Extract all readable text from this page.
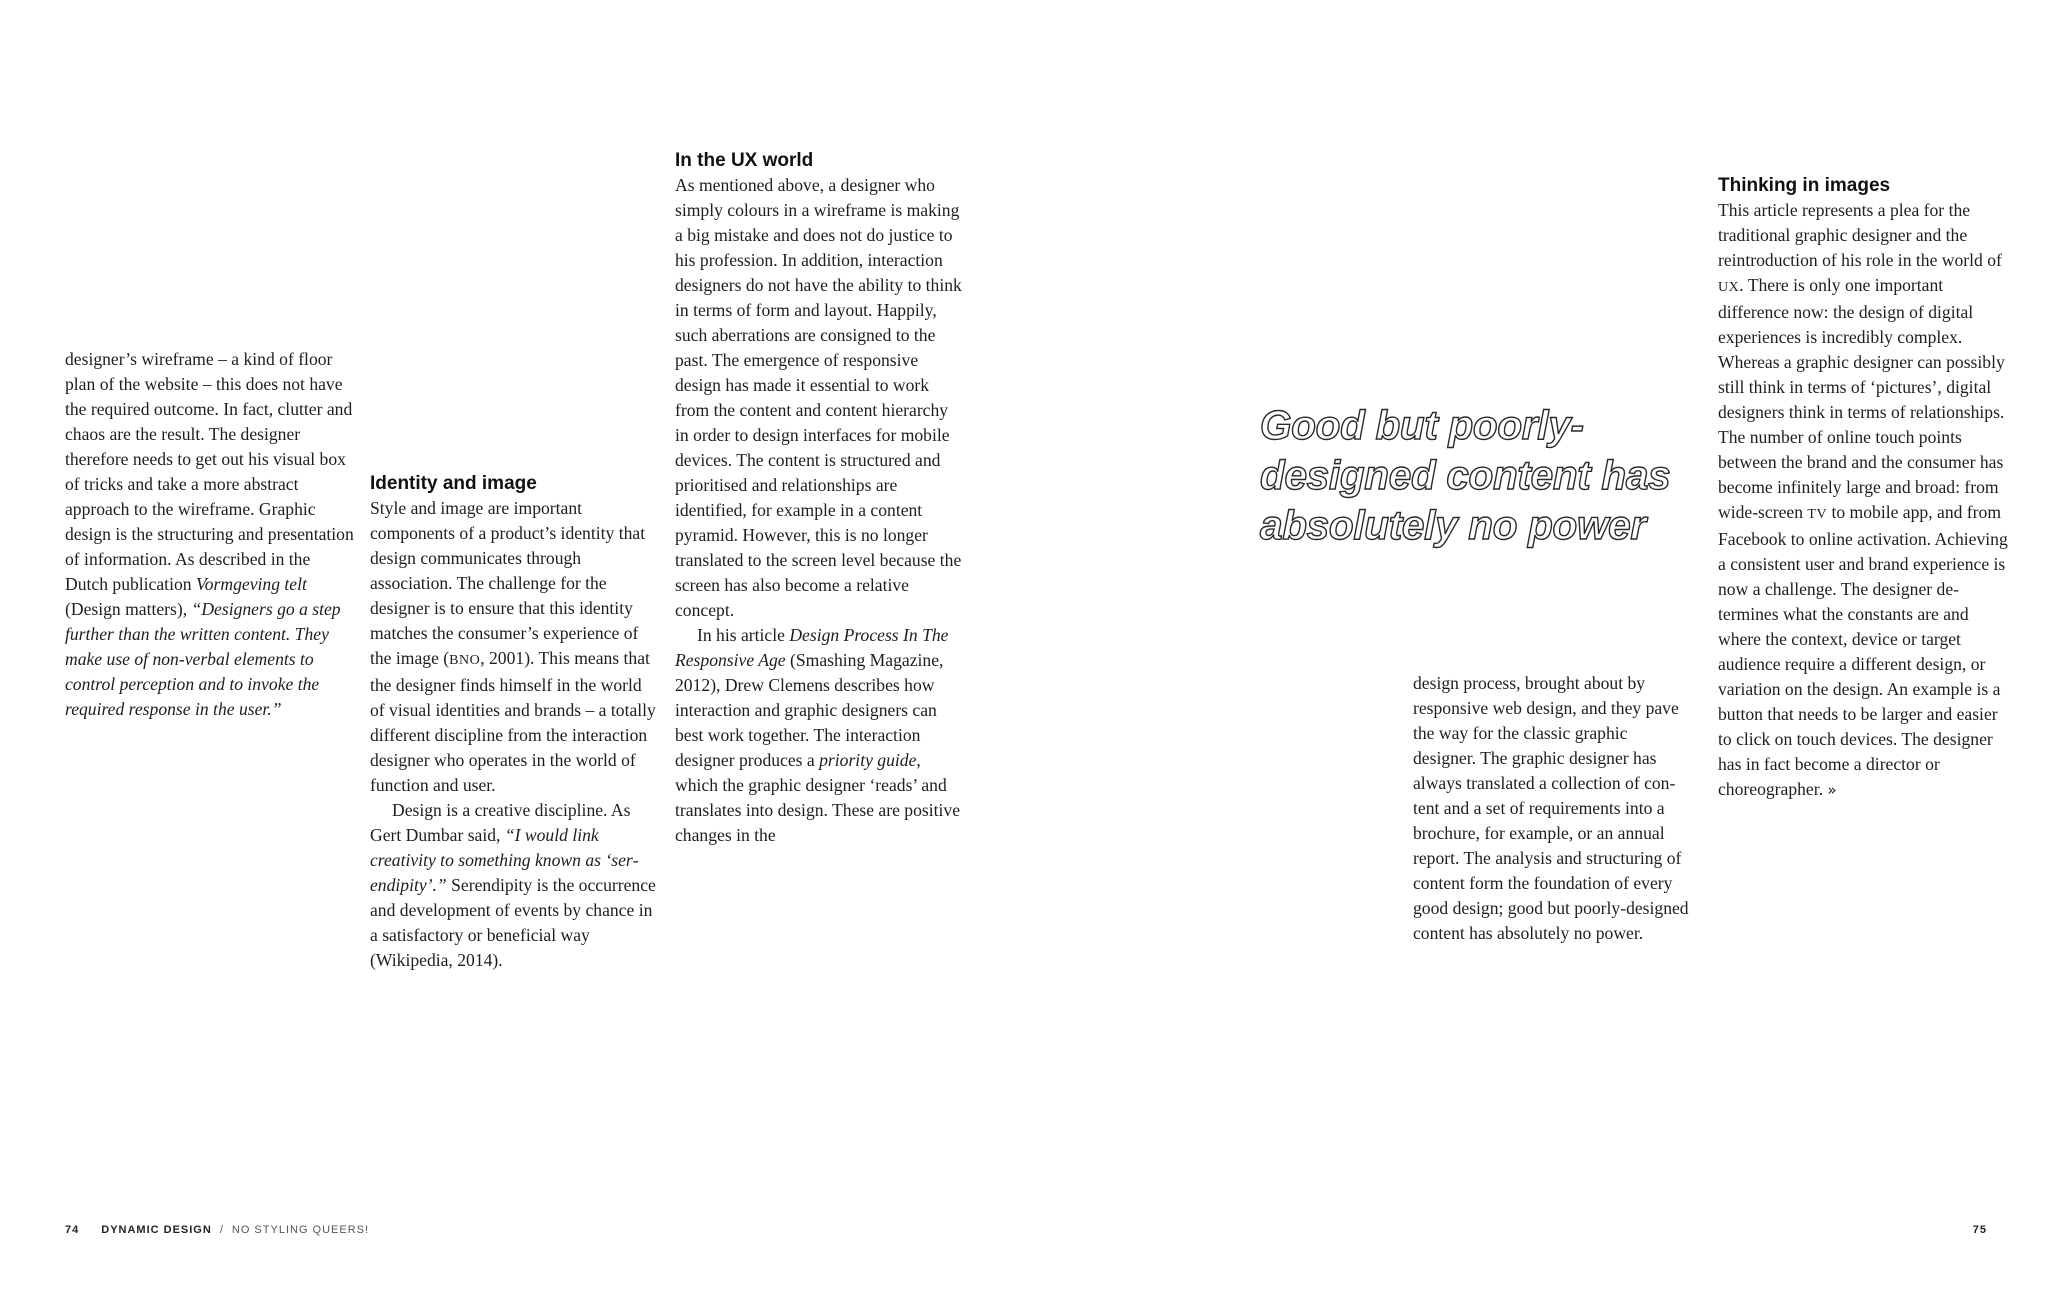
designer’s wireframe – a kind of floor plan of the website – this does not have the required outcome. In fact, clutter and chaos are the result. The designer therefore needs to get out his visual box of tricks and take a more abstract approach to the wireframe. Graphic design is the structuring and presentation of information. As described in the Dutch publication Vormgeving telt (Design matters), “Designers go a step further than the written content. They make use of non-verbal elements to control perception and to invoke the required response in the user.”

Identity and image

Style and image are important components of a product’s identity that design communicates through association. The challenge for the designer is to ensure that this identity matches the consumer’s experience of the image (BNO, 2001). This means that the designer finds himself in the world of visual identities and brands – a totally different discipline from the interaction designer who operates in the world of function and user.

Design is a creative discipline. As Gert Dumbar said, “I would link creativity to something known as ‘serendipity’.” Serendipity is the occurrence and development of events by chance in a satisfactory or beneficial way (Wikipedia, 2014).

In the UX world

As mentioned above, a designer who simply colours in a wireframe is making a big mistake and does not do justice to his profession. In addition, interaction designers do not have the ability to think in terms of form and layout. Happily, such aberrations are consigned to the past. The emergence of responsive design has made it essential to work from the content and content hierarchy in order to design interfaces for mobile devices. The content is structured and prioritised and relationships are identified, for example in a content pyramid. However, this is no longer translated to the screen level because the screen has also become a relative concept.

In his article Design Process In The Responsive Age (Smashing Magazine, 2012), Drew Clemens describes how interaction and graphic designers can best work together. The interaction designer produces a priority guide, which the graphic designer ‘reads’ and translates into design. These are positive changes in the

74 DYNAMIC DESIGN / NO STYLING QUEERS!
Good but poorly-designed content has absolutely no power

design process, brought about by responsive web design, and they pave the way for the classic graphic designer. The graphic designer has always translated a collection of content and a set of requirements into a brochure, for example, or an annual report. The analysis and structuring of content form the foundation of every good design; good but poorly-designed content has absolutely no power.

Thinking in images

This article represents a plea for the traditional graphic designer and the reintroduction of his role in the world of UX. There is only one important difference now: the design of digital experiences is incredibly complex. Whereas a graphic designer can possibly still think in terms of ‘pictures’, digital designers think in terms of relationships. The number of online touch points between the brand and the consumer has become infinitely large and broad: from wide-screen TV to mobile app, and from Facebook to online activation. Achieving a consistent user and brand experience is now a challenge. The designer determines what the constants are and where the context, device or target audience require a different design, or variation on the design. An example is a button that needs to be larger and easier to click on touch devices. The designer has in fact become a director or choreographer. »

75
